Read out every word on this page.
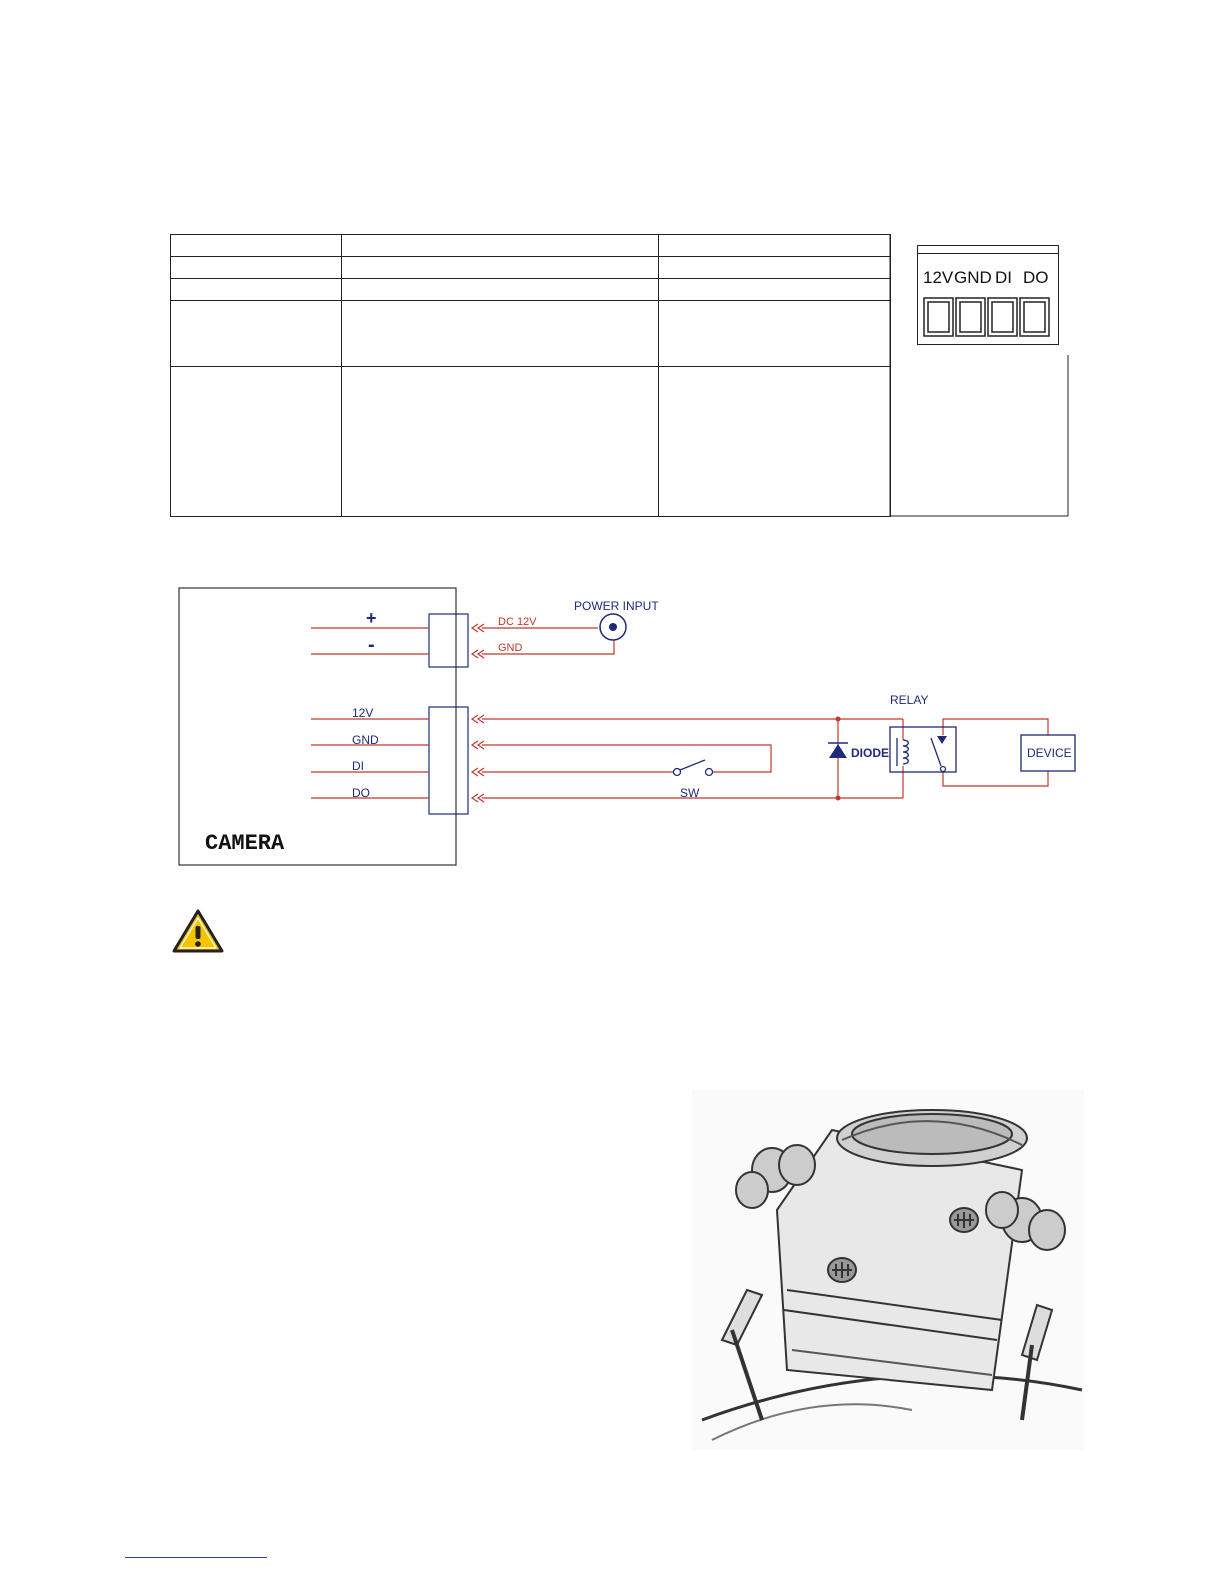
12V GND DI DO
+
-
POWER INPUT
DC 12V
GND
12V
GND
DI
DO	SW
RELAY
DIODE	DEVICE
CAMERA
